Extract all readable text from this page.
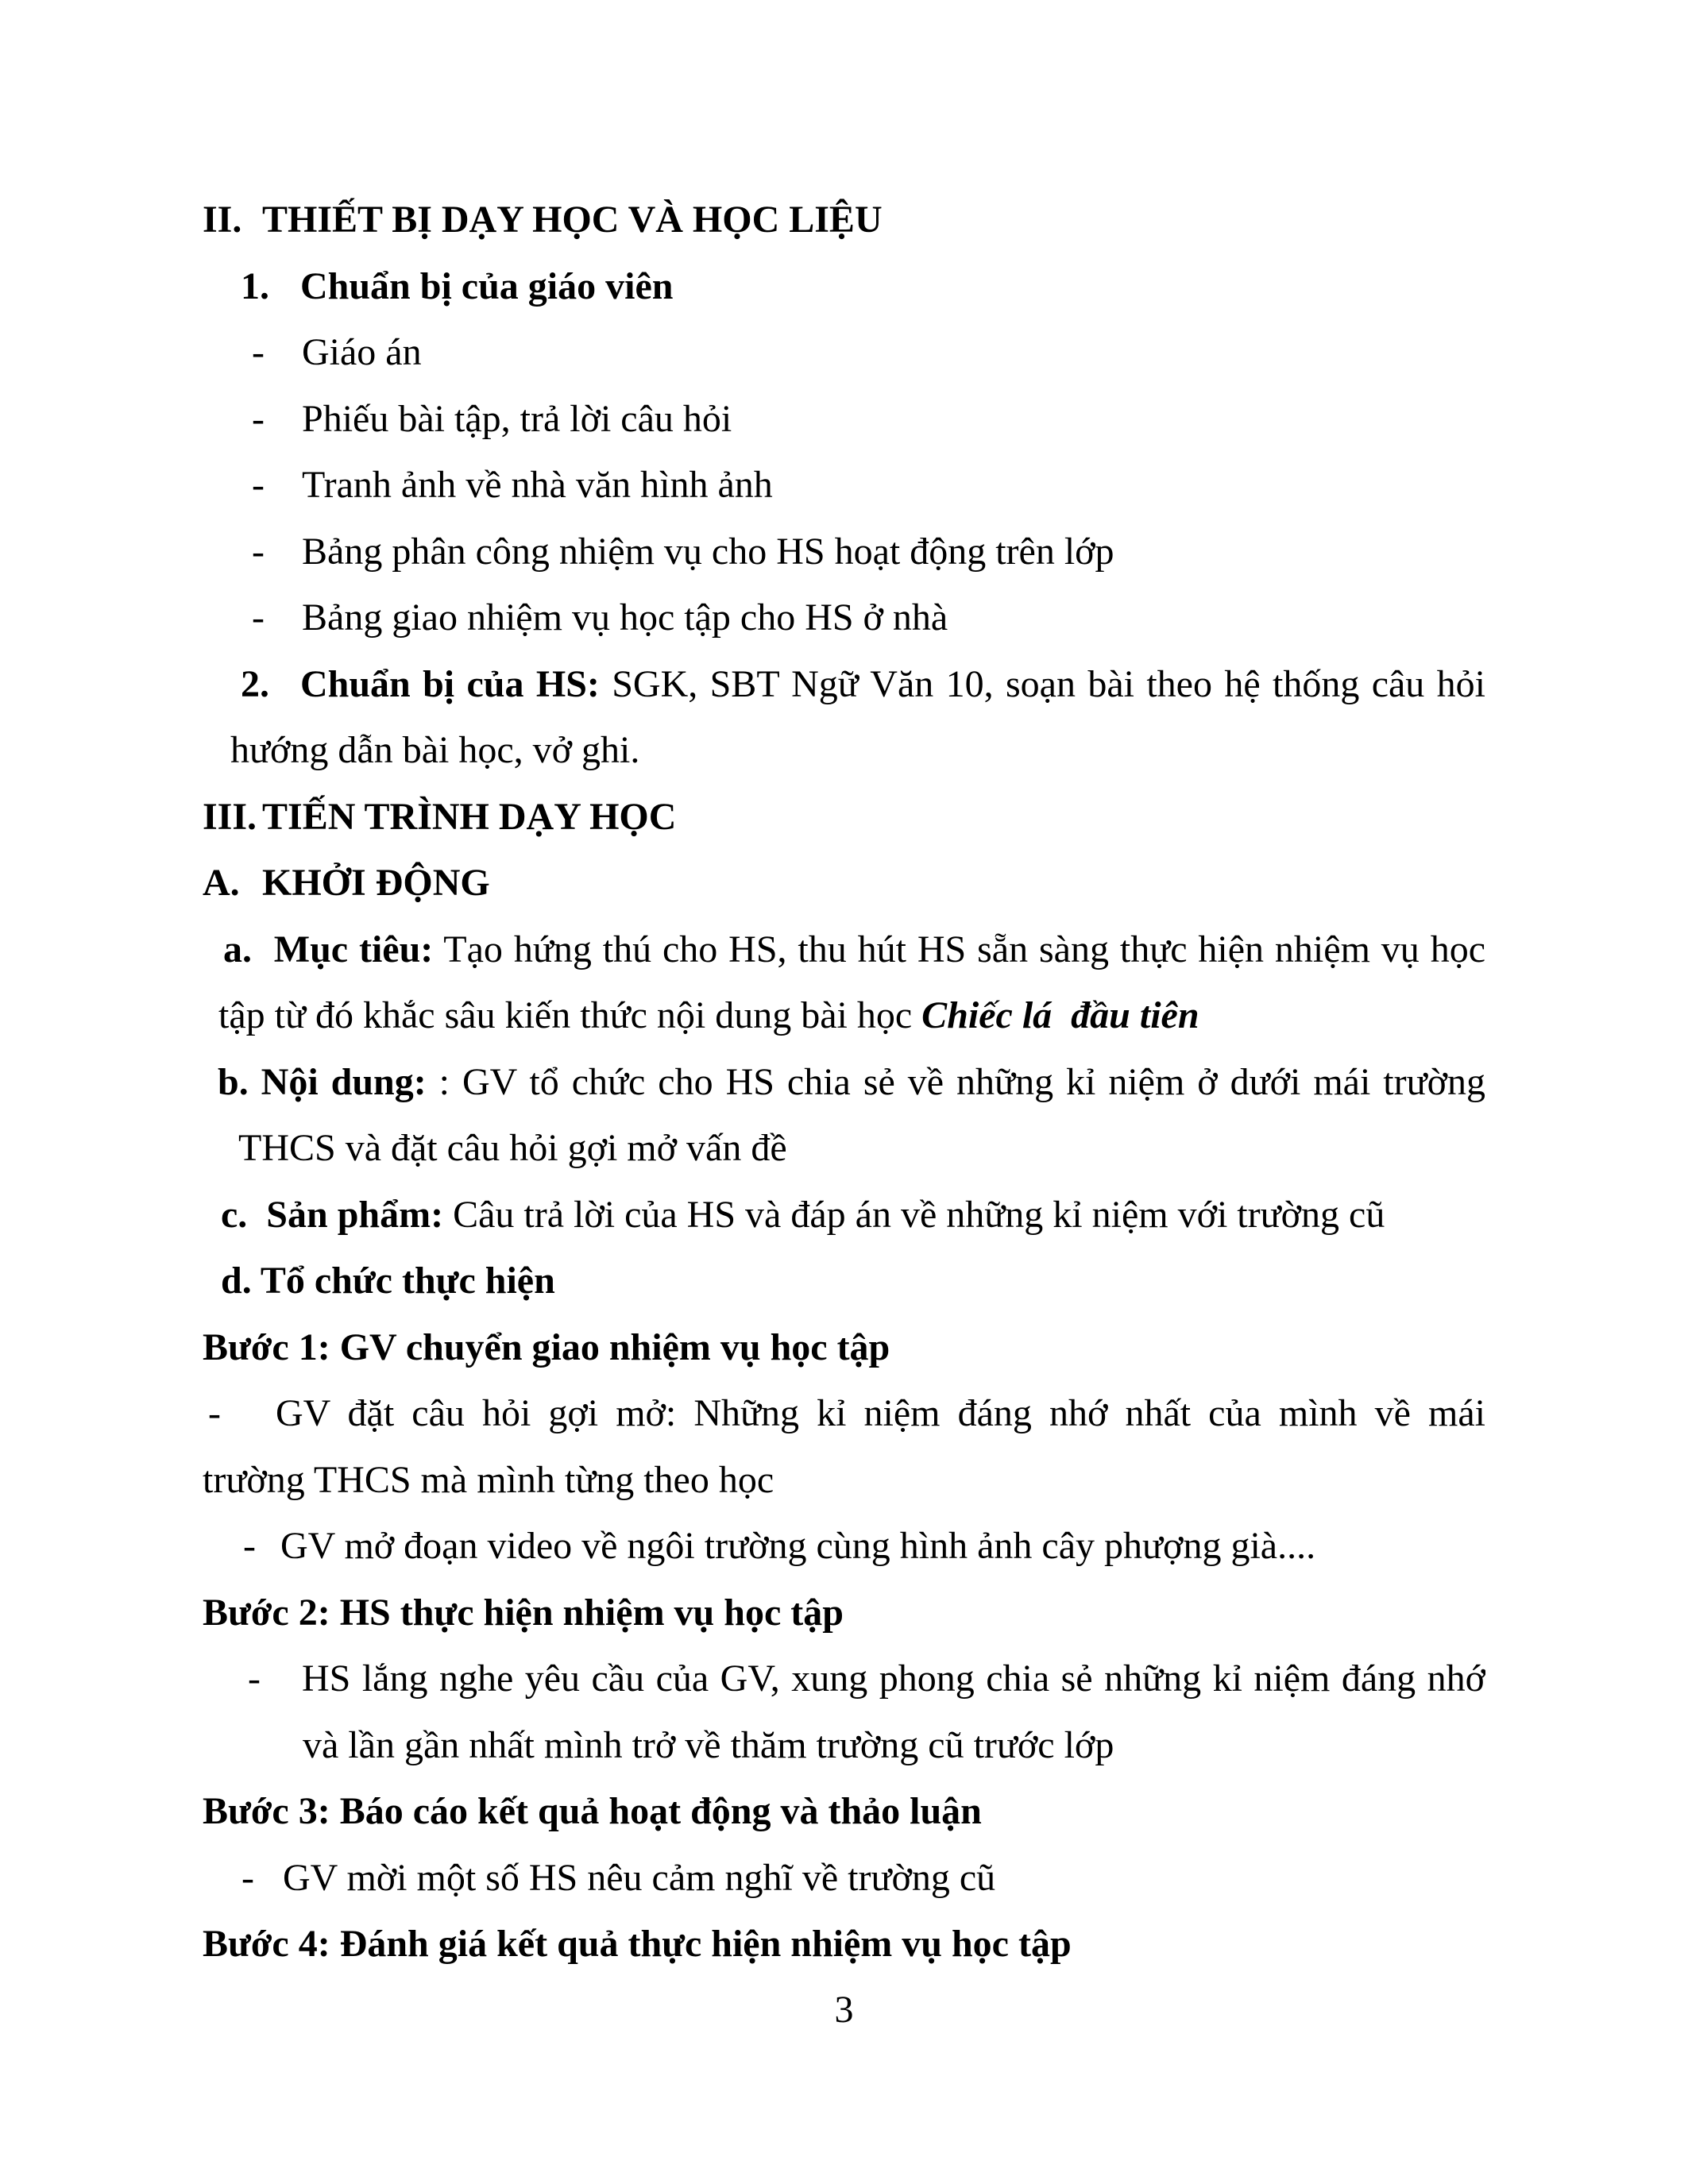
II. THIẾT BỊ DẠY HỌC VÀ HỌC LIỆU
1. Chuẩn bị của giáo viên
- Giáo án
- Phiếu bài tập, trả lời câu hỏi
- Tranh ảnh về nhà văn hình ảnh
- Bảng phân công nhiệm vụ cho HS hoạt động trên lớp
- Bảng giao nhiệm vụ học tập cho HS ở nhà
2. Chuẩn bị của HS: SGK, SBT Ngữ Văn 10, soạn bài theo hệ thống câu hỏi
hướng dẫn bài học, vở ghi.
III. TIẾN TRÌNH DẠY HỌC
A. KHỞI ĐỘNG
a.  Mục tiêu: Tạo hứng thú cho HS, thu hút HS sẵn sàng thực hiện nhiệm vụ học
tập từ đó khắc sâu kiến thức nội dung bài học Chiếc lá  đầu tiên
b. Nội dung: : GV tổ chức cho HS chia sẻ về những kỉ niệm ở dưới mái trường
THCS và đặt câu hỏi gợi mở vấn đề
c.  Sản phẩm: Câu trả lời của HS và đáp án về những kỉ niệm với trường cũ
d. Tổ chức thực hiện
Bước 1: GV chuyển giao nhiệm vụ học tập
- GV đặt câu hỏi gợi mở: Những kỉ niệm đáng nhớ nhất của mình về mái
trường THCS mà mình từng theo học
- GV mở đoạn video về ngôi trường cùng hình ảnh cây phượng già....
Bước 2: HS thực hiện nhiệm vụ học tập
- HS lắng nghe yêu cầu của GV, xung phong chia sẻ những kỉ niệm đáng nhớ
và lần gần nhất mình trở về thăm trường cũ trước lớp
Bước 3: Báo cáo kết quả hoạt động và thảo luận
- GV mời một số HS nêu cảm nghĩ về trường cũ
Bước 4: Đánh giá kết quả thực hiện nhiệm vụ học tập
3
